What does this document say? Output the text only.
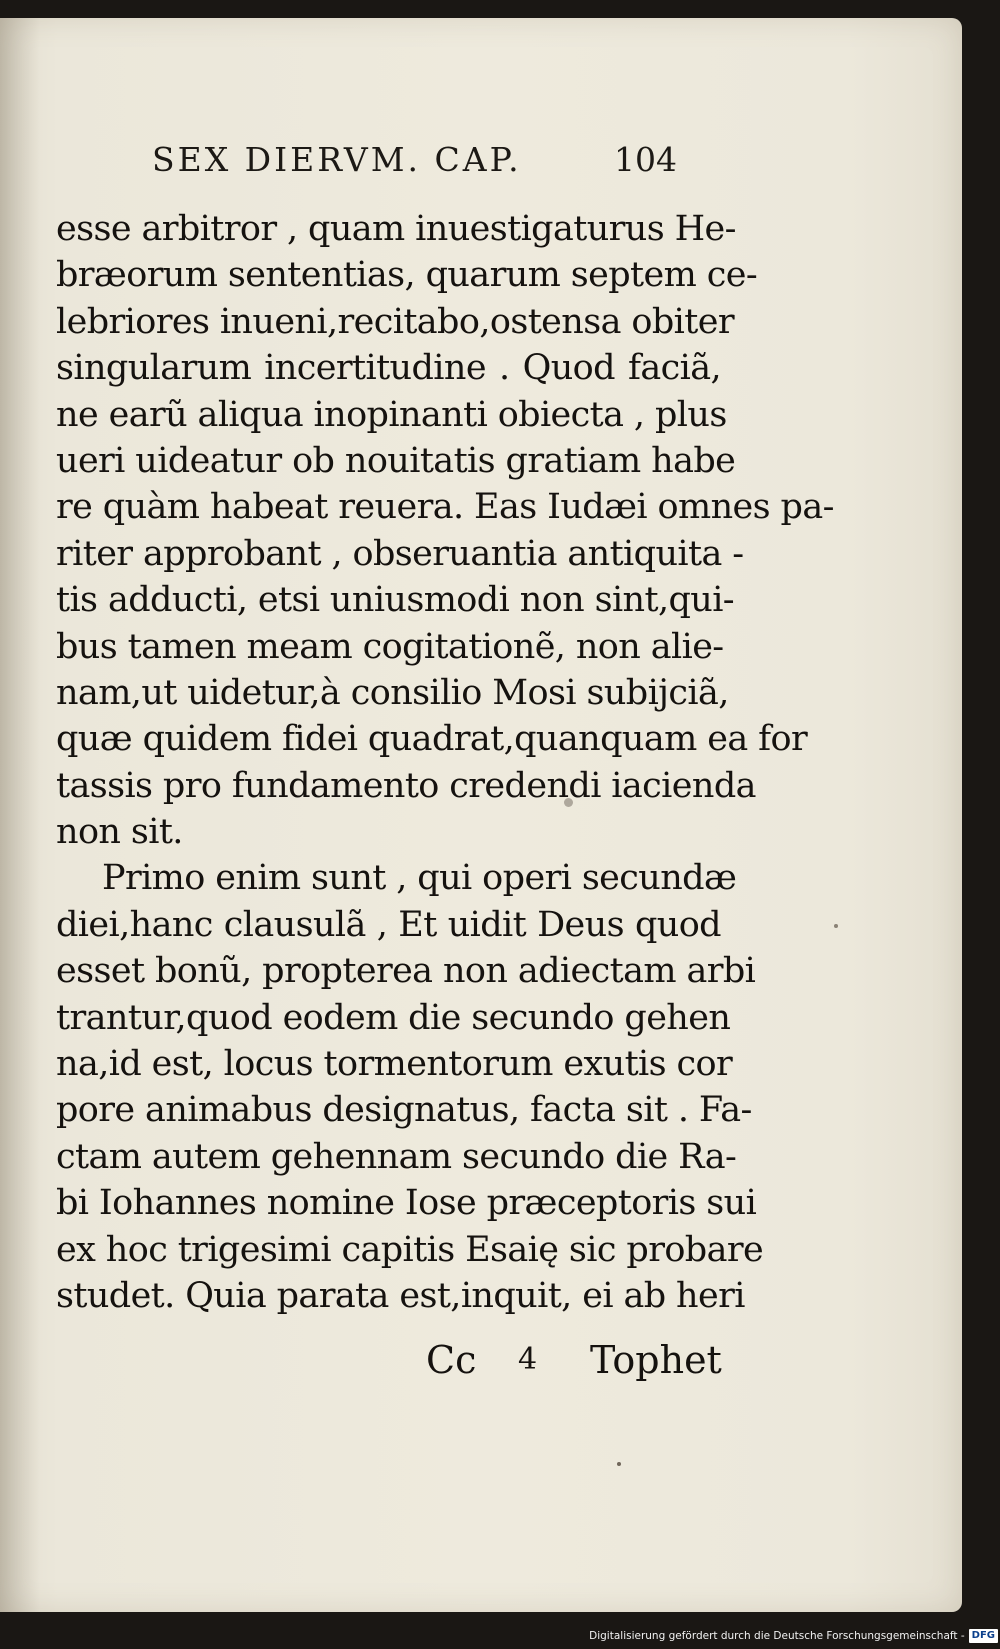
SEX DIERVM. CAP.	104
esse arbitror , quam inuestigaturus He-
bræorum sententias, quarum septem ce-
lebriores inueni,recitabo,ostensa obiter
singularum incertitudine . Quod faciã,
ne earũ aliqua inopinanti obiecta , plus
ueri uideatur ob nouitatis gratiam habe
re quàm habeat reuera. Eas Iudæi omnes pa-
riter approbant , obseruantia antiquita -
tis adducti, etsi uniusmodi non sint,qui-
bus tamen meam cogitationẽ, non alie-
nam,ut uidetur,à consilio Mosi subijciã,
quæ quidem fidei quadrat,quanquam ea for
tassis pro fundamento credendi iacienda
non sit.
Primo enim sunt , qui operi secundæ
diei,hanc clausulã , Et uidit Deus quod
esset bonũ, propterea non adiectam arbi
trantur,quod eodem die secundo gehen
na,id est, locus tormentorum exutis cor
pore animabus designatus, facta sit . Fa-
ctam autem gehennam secundo die Ra-
bi Iohannes nomine Iose præceptoris sui
ex hoc trigesimi capitis Esaię sic probare
studet. Quia parata est,inquit, ei ab heri
Cc 4 Tophet
Digitalisierung gefördert durch die Deutsche Forschungsgemeinschaft - DFG
